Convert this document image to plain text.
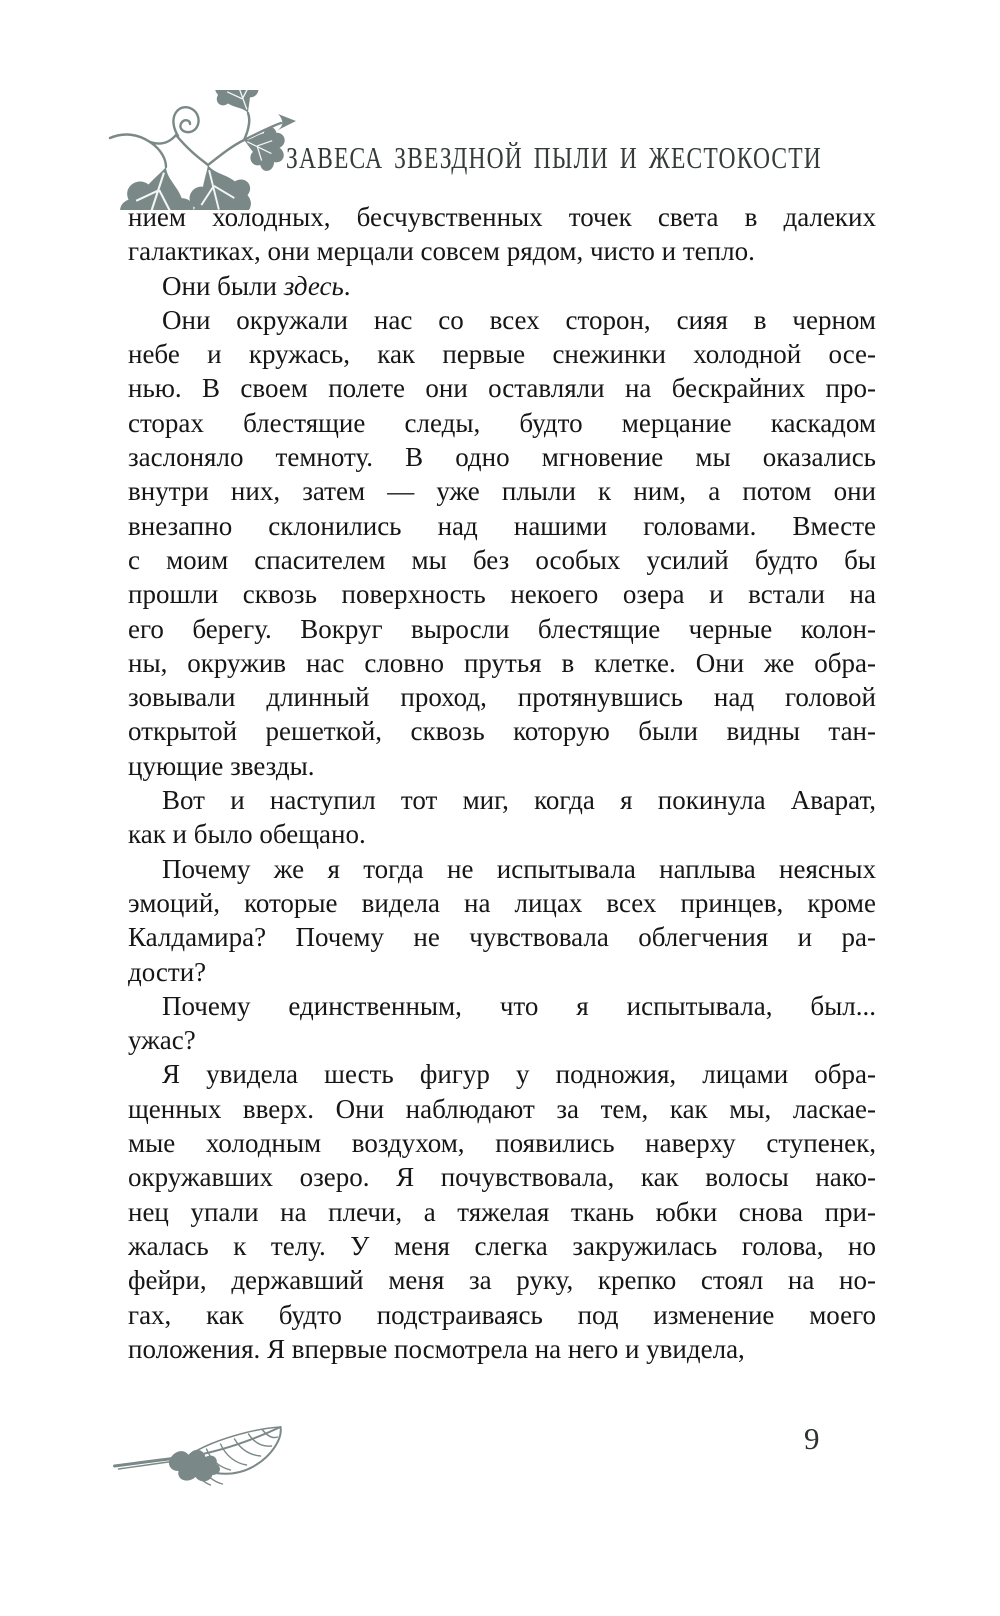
ЗАВЕСА ЗВЕЗДНОЙ ПЫЛИ И ЖЕСТОКОСТИ
нием холодных, бесчувственных точек света в далеких
галактиках, они мерцали совсем рядом, чисто и тепло.
Они были здесь.
Они окружали нас со всех сторон, сияя в черном
небе и кружась, как первые снежинки холодной осе-
нью. В своем полете они оставляли на бескрайних про-
сторах блестящие следы, будто мерцание каскадом
заслоняло темноту. В одно мгновение мы оказались
внутри них, затем — уже плыли к ним, а потом они
внезапно склонились над нашими головами. Вместе
с моим спасителем мы без особых усилий будто бы
прошли сквозь поверхность некоего озера и встали на
его берегу. Вокруг выросли блестящие черные колон-
ны, окружив нас словно прутья в клетке. Они же обра-
зовывали длинный проход, протянувшись над головой
открытой решеткой, сквозь которую были видны тан-
цующие звезды.
Вот и наступил тот миг, когда я покинула Аварат,
как и было обещано.
Почему же я тогда не испытывала наплыва неясных
эмоций, которые видела на лицах всех принцев, кроме
Калдамира? Почему не чувствовала облегчения и ра-
дости?
Почему единственным, что я испытывала, был...
ужас?
Я увидела шесть фигур у подножия, лицами обра-
щенных вверх. Они наблюдают за тем, как мы, ласкае-
мые холодным воздухом, появились наверху ступенек,
окружавших озеро. Я почувствовала, как волосы нако-
нец упали на плечи, а тяжелая ткань юбки снова при-
жалась к телу. У меня слегка закружилась голова, но
фейри, державший меня за руку, крепко стоял на но-
гах, как будто подстраиваясь под изменение моего
положения. Я впервые посмотрела на него и увидела,
9
